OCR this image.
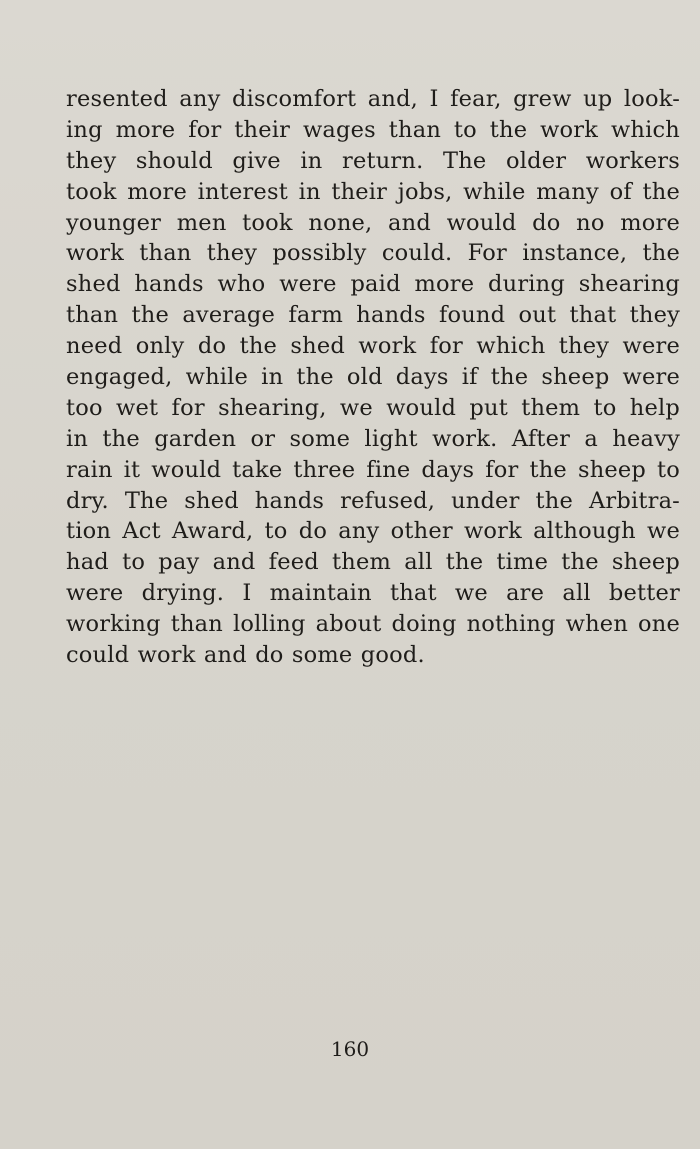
resented any discomfort and, I fear, grew up look-
ing more for their wages than to the work which
they should give in return. The older workers
took more interest in their jobs, while many of the
younger men took none, and would do no more
work than they possibly could. For instance, the
shed hands who were paid more during shearing
than the average farm hands found out that they
need only do the shed work for which they were
engaged, while in the old days if the sheep were
too wet for shearing, we would put them to help
in the garden or some light work. After a heavy
rain it would take three fine days for the sheep to
dry. The shed hands refused, under the Arbitra-
tion Act Award, to do any other work although we
had to pay and feed them all the time the sheep
were drying. I maintain that we are all better
working than lolling about doing nothing when one
could work and do some good.
160
